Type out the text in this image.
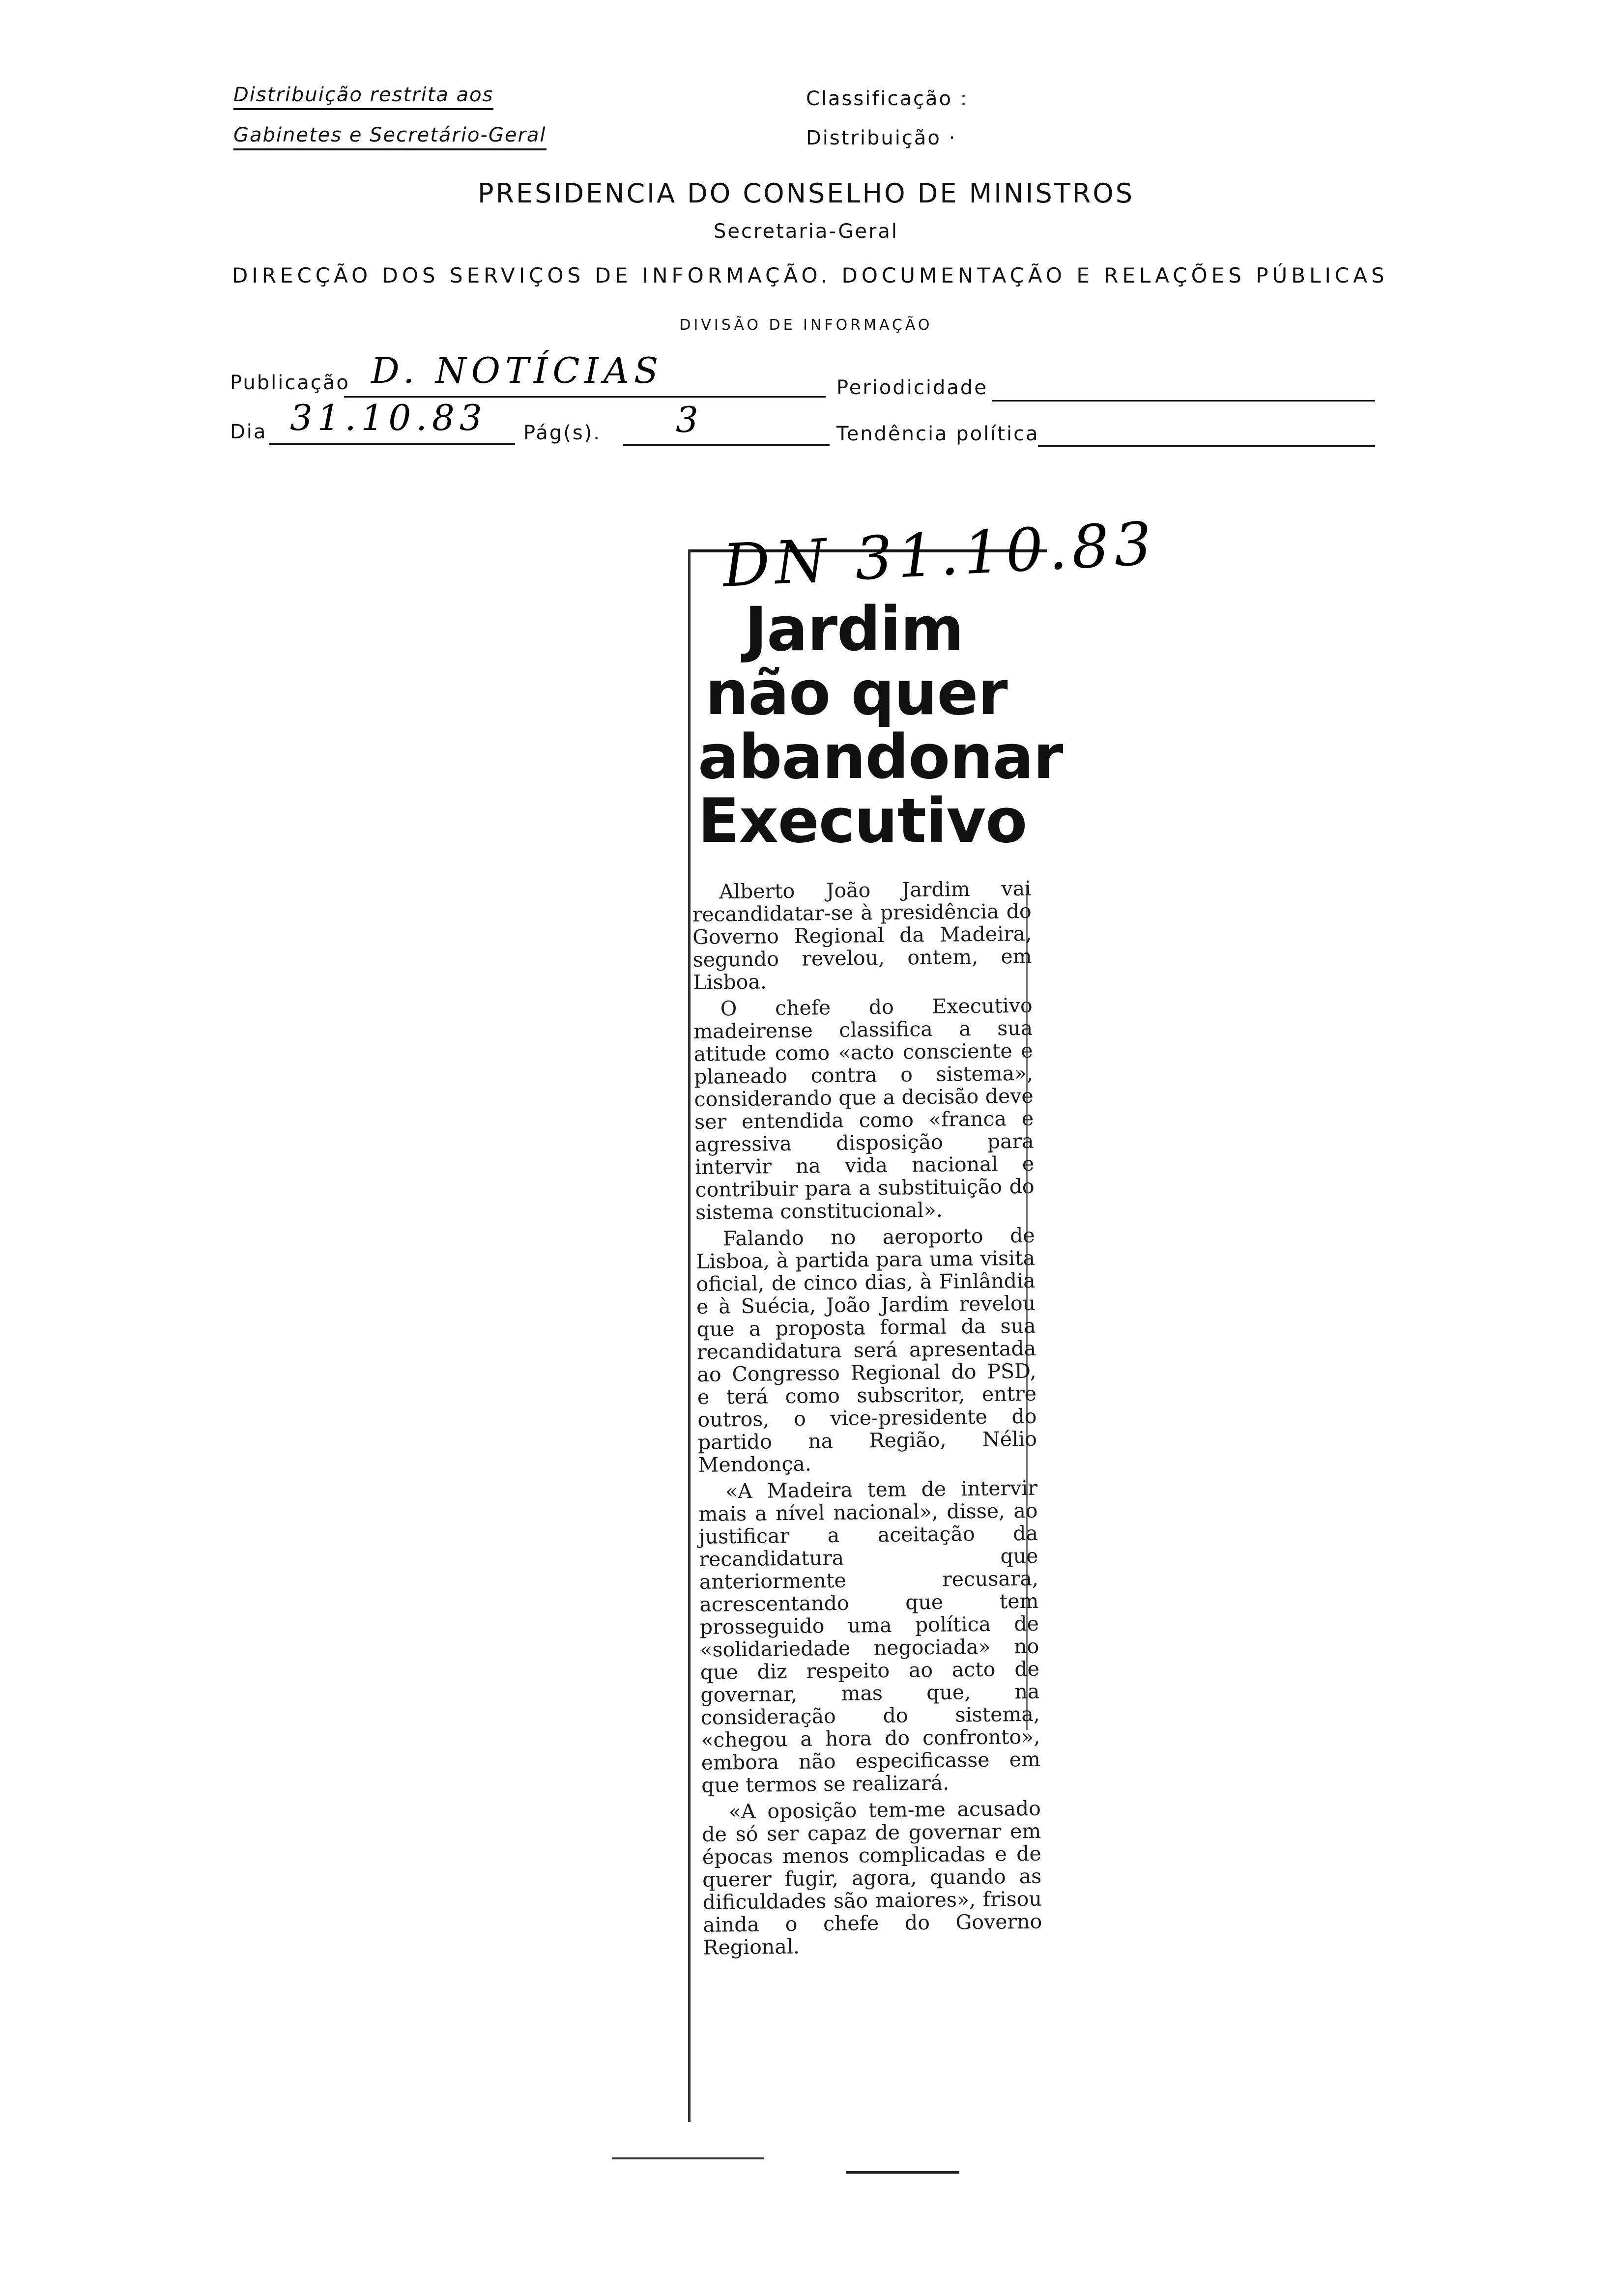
Distribuição restrita aos
Gabinetes e Secretário-Geral
Classificação :
Distribuição ·
PRESIDENCIA DO CONSELHO DE MINISTROS
Secretaria-Geral
DIRECÇÃO DOS SERVIÇOS DE INFORMAÇÃO. DOCUMENTAÇÃO E RELAÇÕES PÚBLICAS
DIVISÃO DE INFORMAÇÃO
Publicação D. NOTÍCIAS	Periodicidade
Dia 31.10.83 Pág(s). 3	Tendência política
DN 31.10.83
Jardim
não quer
abandonar
Executivo

Alberto João Jardim vai recandidatar-se à presidência do Governo Regional da Madeira, segundo revelou, ontem, em Lisboa.

O chefe do Executivo madeirense classifica a sua atitude como «acto consciente e planeado contra o sistema», considerando que a decisão deve ser entendida como «franca e agressiva disposição para intervir na vida nacional e contribuir para a substituição do sistema constitucional».

Falando no aeroporto de Lisboa, à partida para uma visita oficial, de cinco dias, à Finlândia e à Suécia, João Jardim revelou que a proposta formal da sua recandidatura será apresentada ao Congresso Regional do PSD, e terá como subscritor, entre outros, o vice-presidente do partido na Região, Nélio Mendonça.

«A Madeira tem de intervir mais a nível nacional», disse, ao justificar a aceitação da recandidatura que anteriormente recusara, acrescentando que tem prosseguido uma política de «solidariedade negociada» no que diz respeito ao acto de governar, mas que, na consideração do sistema, «chegou a hora do confronto», embora não especificasse em que termos se realizará.

«A oposição tem-me acusado de só ser capaz de governar em épocas menos complicadas e de querer fugir, agora, quando as dificuldades são maiores», frisou ainda o chefe do Governo Regional.
